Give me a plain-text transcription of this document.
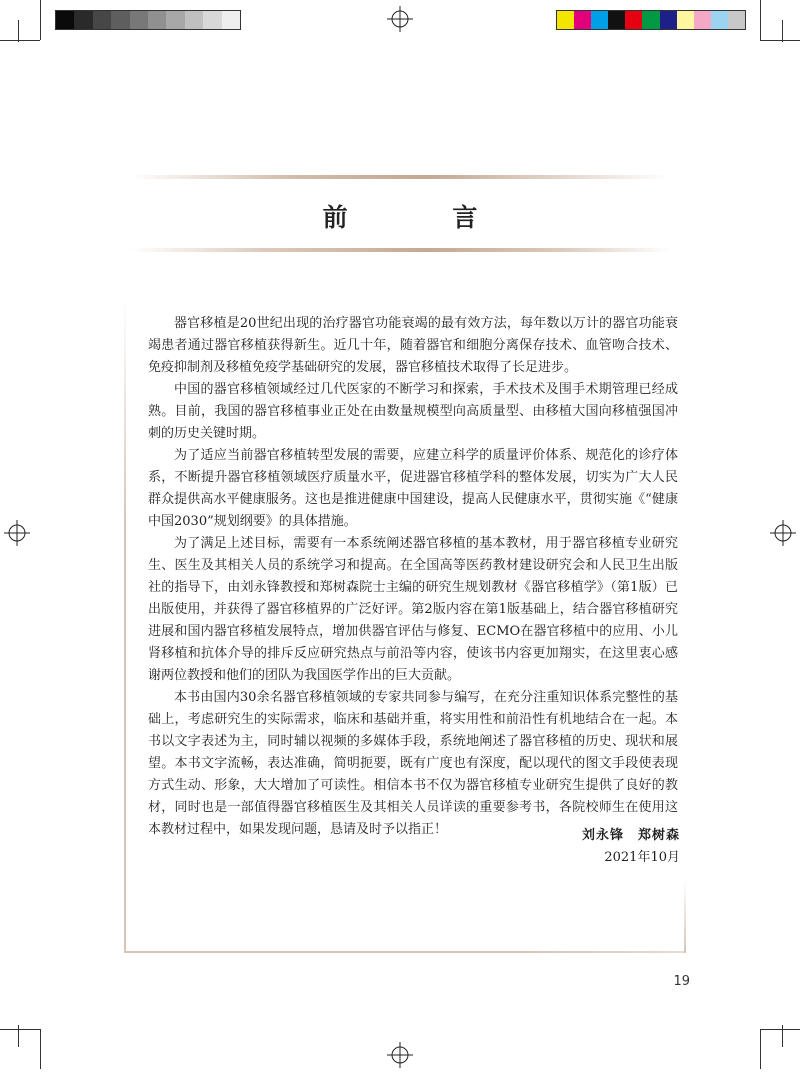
前 言

器官移植是20世纪出现的治疗器官功能衰竭的最有效方法，每年数以万计的器官功能衰竭患者通过器官移植获得新生。近几十年，随着器官和细胞分离保存技术、血管吻合技术、免疫抑制剂及移植免疫学基础研究的发展，器官移植技术取得了长足进步。

中国的器官移植领域经过几代医家的不断学习和探索，手术技术及围手术期管理已经成熟。目前，我国的器官移植事业正处在由数量规模型向高质量型、由移植大国向移植强国冲刺的历史关键时期。

为了适应当前器官移植转型发展的需要，应建立科学的质量评价体系、规范化的诊疗体系，不断提升器官移植领域医疗质量水平，促进器官移植学科的整体发展，切实为广大人民群众提供高水平健康服务。这也是推进健康中国建设，提高人民健康水平，贯彻实施《“健康中国2030”规划纲要》的具体措施。

为了满足上述目标，需要有一本系统阐述器官移植的基本教材，用于器官移植专业研究生、医生及其相关人员的系统学习和提高。在全国高等医药教材建设研究会和人民卫生出版社的指导下，由刘永锋教授和郑树森院士主编的研究生规划教材《器官移植学》（第1版）已出版使用，并获得了器官移植界的广泛好评。第2版内容在第1版基础上，结合器官移植研究进展和国内器官移植发展特点，增加供器官评估与修复、ECMO在器官移植中的应用、小儿肾移植和抗体介导的排斥反应研究热点与前沿等内容，使该书内容更加翔实，在这里衷心感谢两位教授和他们的团队为我国医学作出的巨大贡献。

本书由国内30余名器官移植领域的专家共同参与编写，在充分注重知识体系完整性的基础上，考虑研究生的实际需求，临床和基础并重，将实用性和前沿性有机地结合在一起。本书以文字表述为主，同时辅以视频的多媒体手段，系统地阐述了器官移植的历史、现状和展望。本书文字流畅，表达准确，简明扼要，既有广度也有深度，配以现代的图文手段使表现方式生动、形象，大大增加了可读性。相信本书不仅为器官移植专业研究生提供了良好的教材，同时也是一部值得器官移植医生及其相关人员详读的重要参考书，各院校师生在使用这本教材过程中，如果发现问题，恳请及时予以指正！	刘永锋　郑树森
2021年10月
19
